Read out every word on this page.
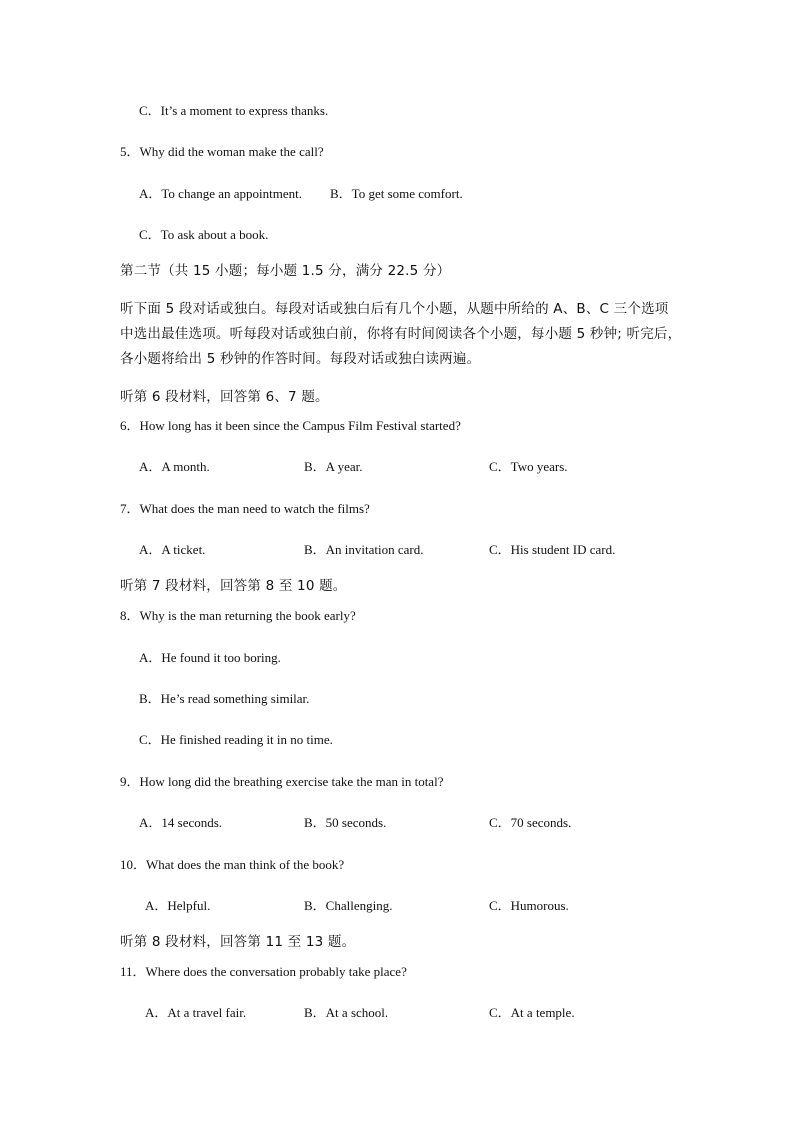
C．It’s a moment to express thanks.
5．Why did the woman make the call?
A．To change an appointment. B．To get some comfort.
C．To ask about a book.
第二节（共 15 小题；每小题 1.5 分，满分 22.5 分）
听下面 5 段对话或独白。每段对话或独白后有几个小题，从题中所给的 A、B、C 三个选项
中选出最佳选项。听每段对话或独白前，你将有时间阅读各个小题，每小题 5 秒钟; 听完后，
各小题将给出 5 秒钟的作答时间。每段对话或独白读两遍。
听第 6 段材料，回答第 6、7 题。
6．How long has it been since the Campus Film Festival started?
A．A month.	B．A year.	C．Two years.
7．What does the man need to watch the films?
A．A ticket.	B．An invitation card.	C．His student ID card.
听第 7 段材料，回答第 8 至 10 题。
8．Why is the man returning the book early?
A．He found it too boring.
B．He’s read something similar.
C．He finished reading it in no time.
9．How long did the breathing exercise take the man in total?
A．14 seconds.	B．50 seconds.	C．70 seconds.
10．What does the man think of the book?
A．Helpful.	B．Challenging.	C．Humorous.
听第 8 段材料，回答第 11 至 13 题。
11．Where does the conversation probably take place?
A．At a travel fair.	B．At a school.	C．At a temple.
